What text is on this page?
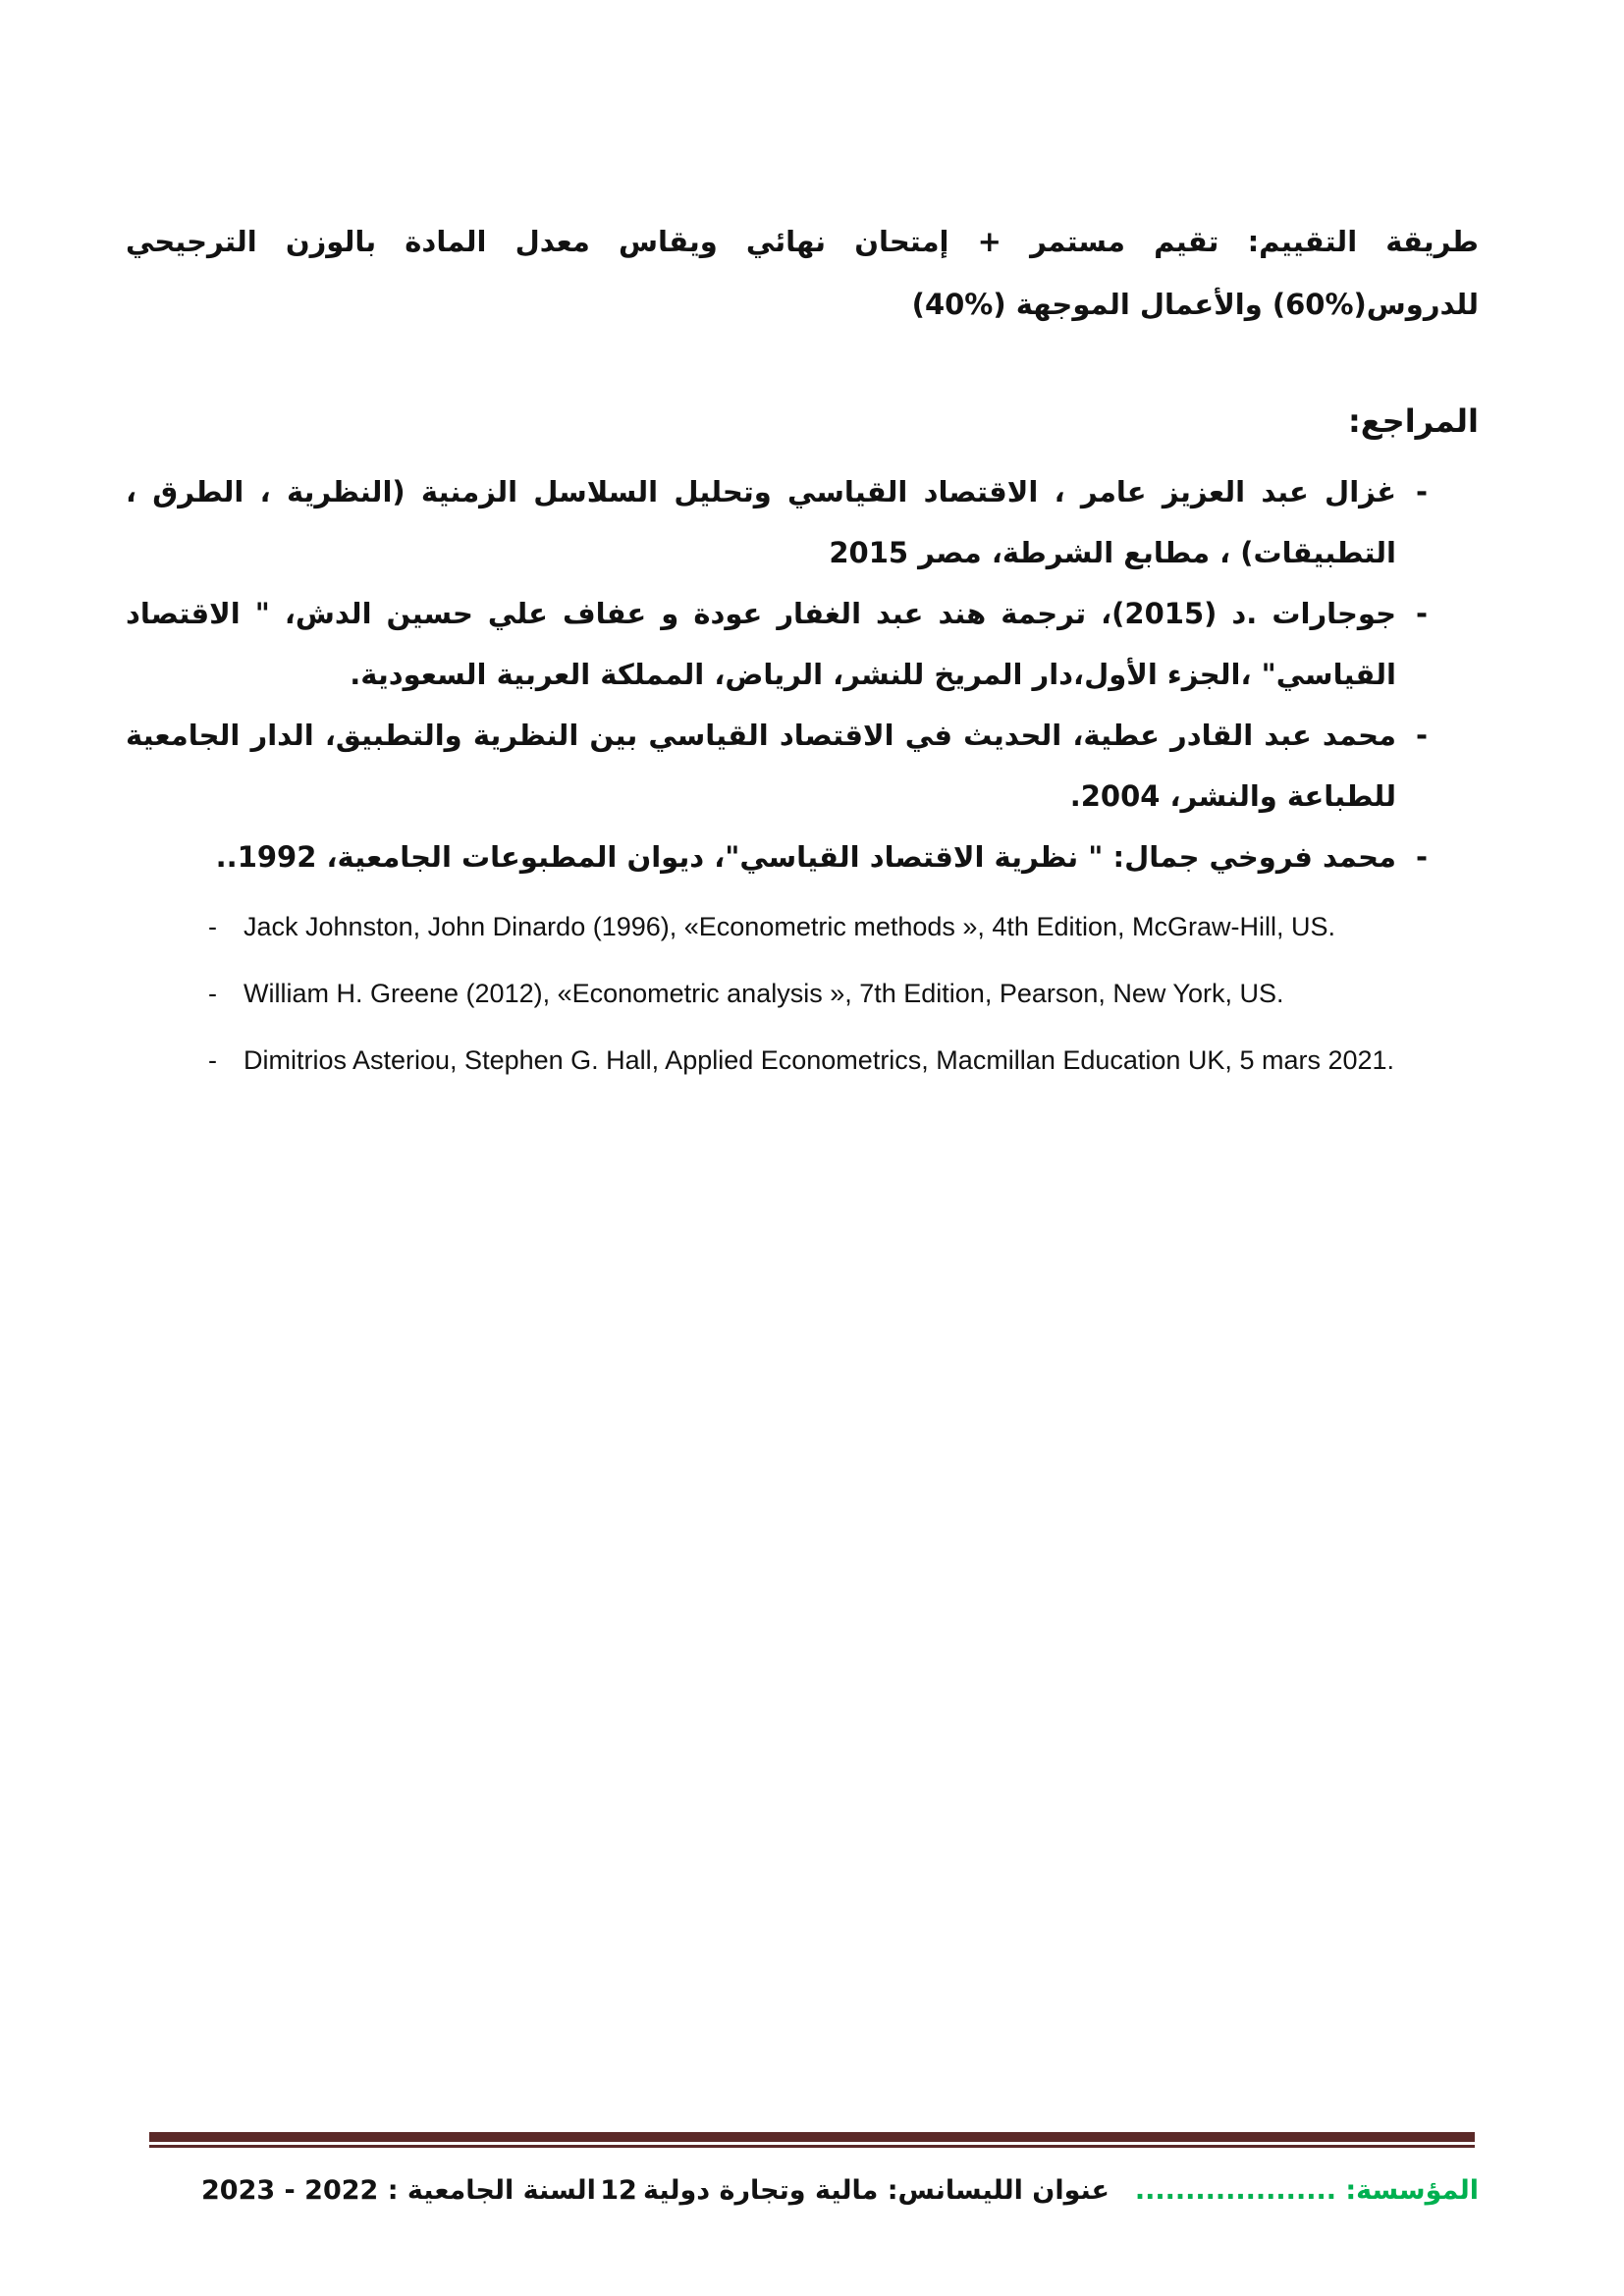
طريقة التقييم: تقيم مستمر + إمتحان نهائي ويقاس معدل المادة بالوزن الترجيحي للدروس(%60) والأعمال الموجهة (%40)

المراجع:
- غزال عبد العزيز عامر ، الاقتصاد القياسي وتحليل السلاسل الزمنية (النظرية ، الطرق ، التطبيقات) ، مطابع الشرطة، مصر 2015
- جوجارات .د (2015)، ترجمة هند عبد الغفار عودة و عفاف علي حسين الدش، " الاقتصاد القياسي" ،الجزء الأول،دار المريخ للنشر، الرياض، المملكة العربية السعودية.
- محمد عبد القادر عطية، الحديث في الاقتصاد القياسي بين النظرية والتطبيق، الدار الجامعية للطباعة والنشر، 2004.
- محمد فروخي جمال: " نظرية الاقتصاد القياسي"، ديوان المطبوعات الجامعية، 1992..
- Jack Johnston, John Dinardo (1996), «Econometric methods », 4th Edition, McGraw-Hill, US.
- William H. Greene (2012), «Econometric analysis », 7th Edition, Pearson, New York, US.
- Dimitrios Asteriou, Stephen G. Hall, Applied Econometrics, Macmillan Education UK, 5 mars 2021.
المؤسسة: ....................
عنوان الليسانس: مالية وتجارة دولية
12
السنة الجامعية : 2022 - 2023
